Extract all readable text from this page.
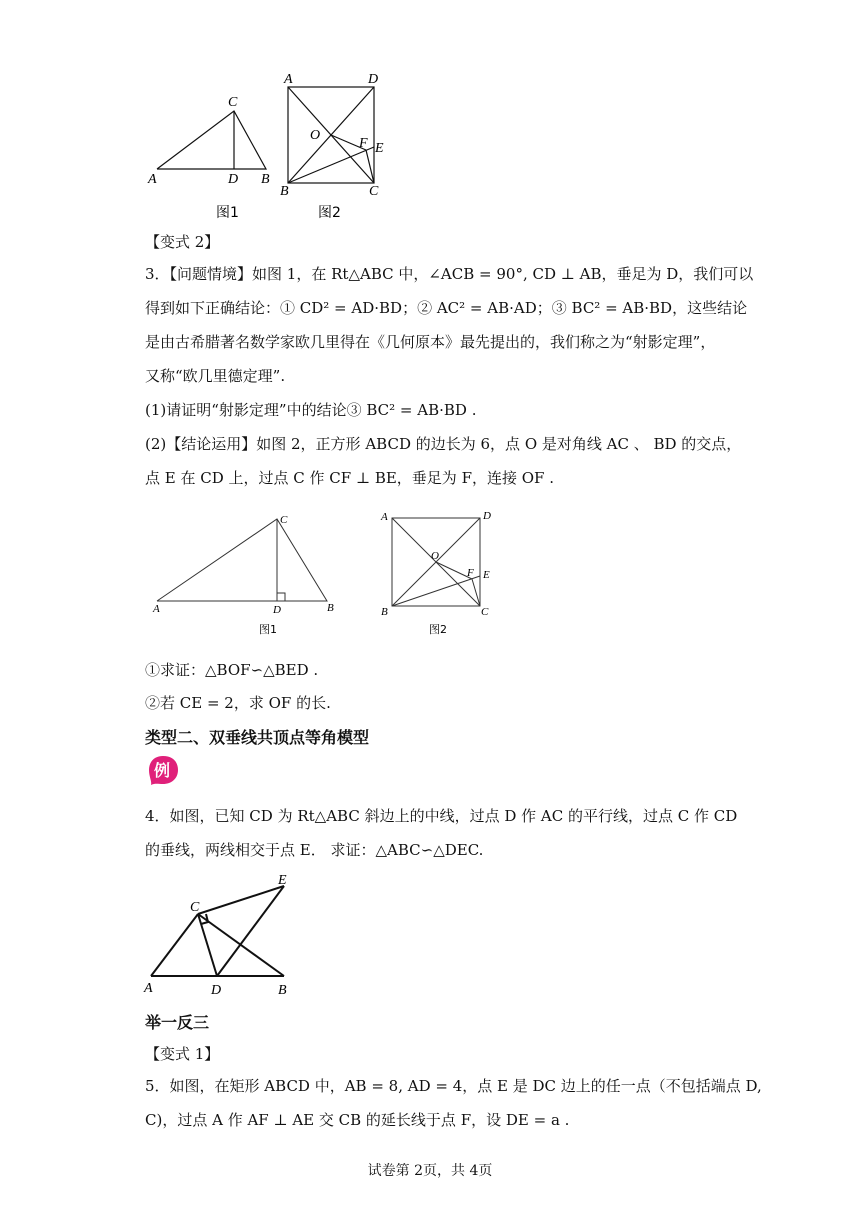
C
A	D B
A	D
O
F E
B	C
图1	图2
【变式 2】
3．【问题情境】如图 1，在 Rt△ABC 中，∠ACB = 90°, CD ⊥ AB，垂足为 D，我们可以
得到如下正确结论：① CD² = AD·BD；② AC² = AB·AD；③ BC² = AB·BD，这些结论
是由古希腊著名数学家欧几里得在《几何原本》最先提出的，我们称之为“射影定理”，
又称“欧几里德定理”.
(1)请证明“射影定理”中的结论③ BC² = AB·BD .
(2)【结论运用】如图 2，正方形 ABCD 的边长为 6，点 O 是对角线 AC 、 BD 的交点，
点 E 在 CD 上，过点 C 作 CF ⊥ BE，垂足为 F，连接 OF .
C
A	D	B
图1
A	D
O
F E
B	C
图2
①求证：△BOF∽△BED .
②若 CE = 2，求 OF 的长.
类型二、双垂线共顶点等角模型
例
4．如图，已知 CD 为 Rt△ABC 斜边上的中线，过点 D 作 AC 的平行线，过点 C 作 CD
的垂线，两线相交于点 E． 求证：△ABC∽△DEC.
C
E
A	D	B
举一反三
【变式 1】
5．如图，在矩形 ABCD 中，AB = 8, AD = 4，点 E 是 DC 边上的任一点（不包括端点 D,
C)，过点 A 作 AF ⊥ AE 交 CB 的延长线于点 F，设 DE = a .
试卷第 2页，共 4页
